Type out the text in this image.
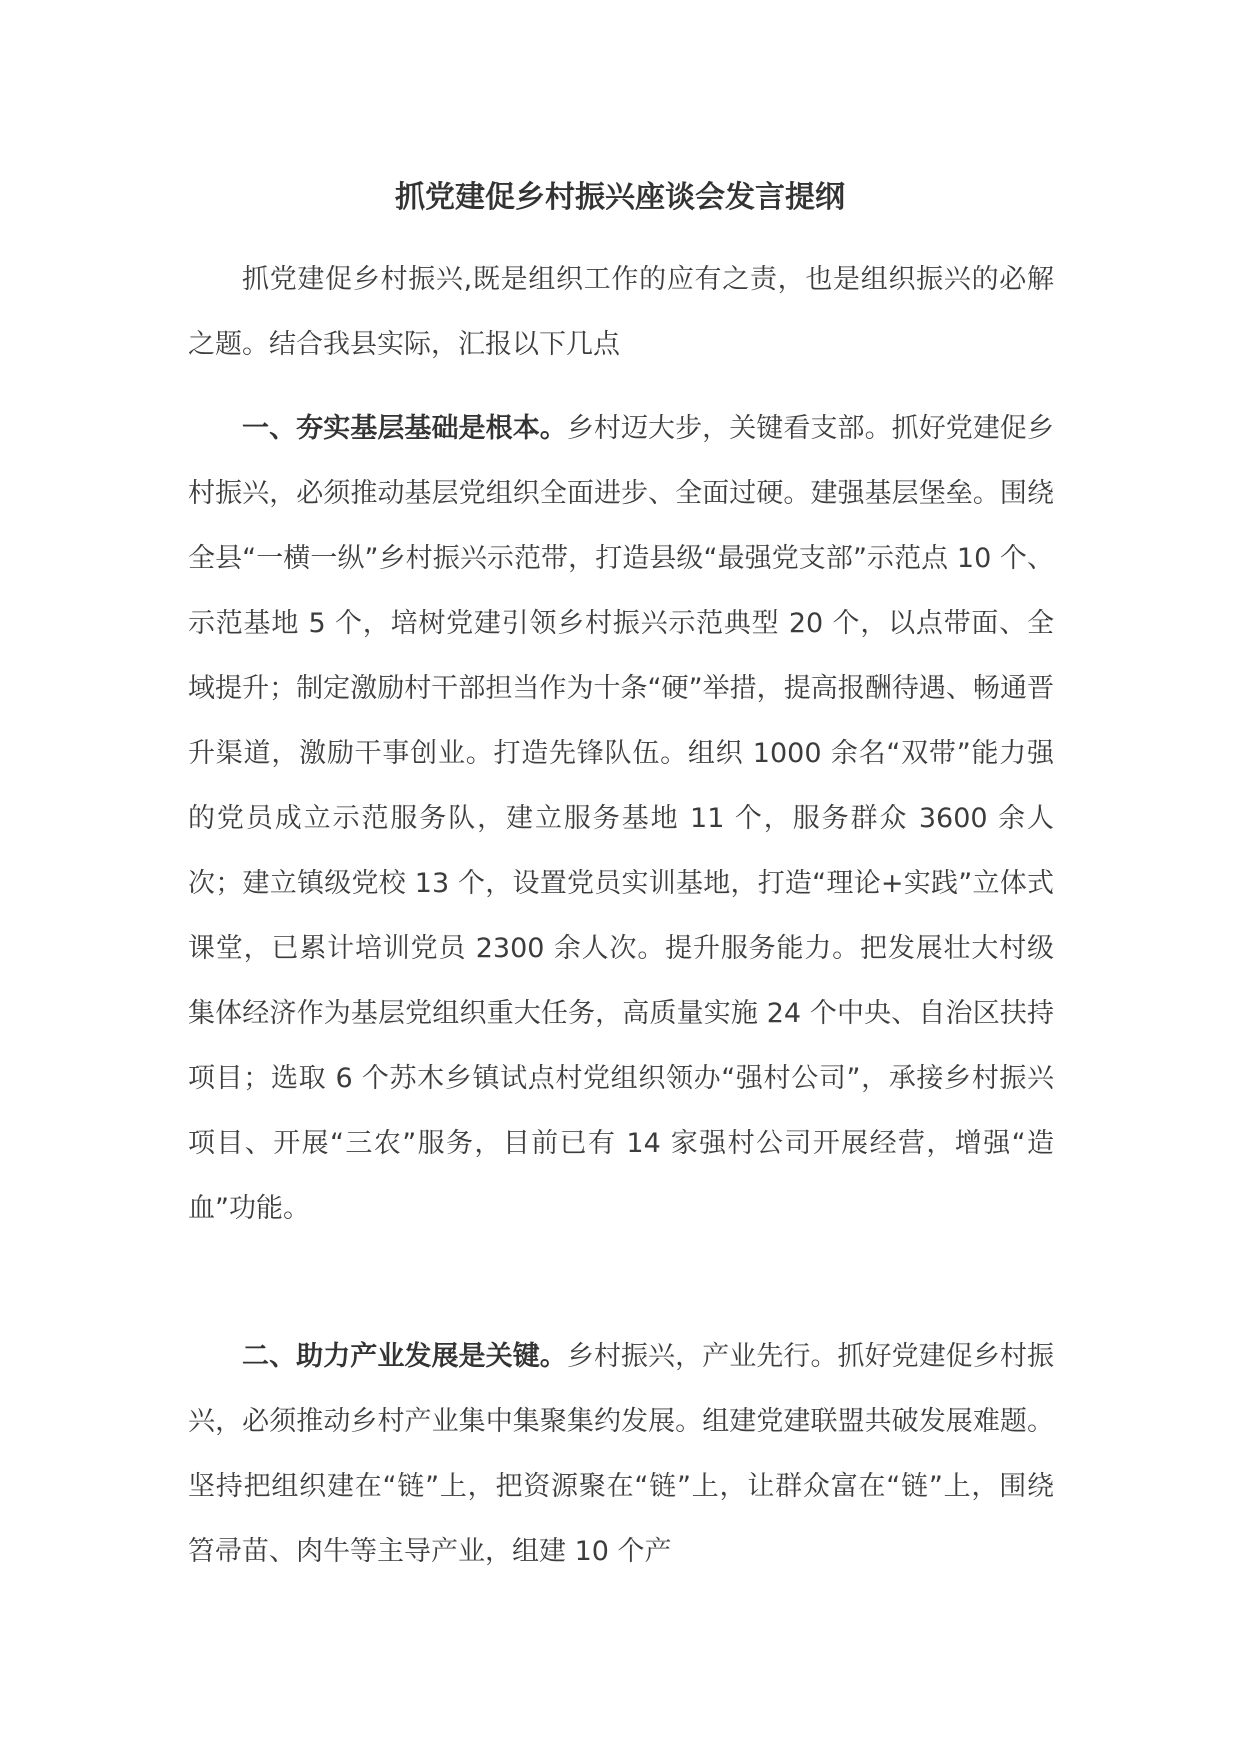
抓党建促乡村振兴座谈会发言提纲

抓党建促乡村振兴,既是组织工作的应有之责，也是组织振兴的必解之题。结合我县实际，汇报以下几点

一、夯实基层基础是根本。乡村迈大步，关键看支部。抓好党建促乡村振兴，必须推动基层党组织全面进步、全面过硬。建强基层堡垒。围绕全县“一横一纵”乡村振兴示范带，打造县级“最强党支部”示范点 10 个、示范基地 5 个，培树党建引领乡村振兴示范典型 20 个，以点带面、全域提升；制定激励村干部担当作为十条“硬”举措，提高报酬待遇、畅通晋升渠道，激励干事创业。打造先锋队伍。组织 1000 余名“双带”能力强的党员成立示范服务队，建立服务基地 11 个，服务群众 3600 余人次；建立镇级党校 13 个，设置党员实训基地，打造“理论+实践”立体式课堂，已累计培训党员 2300 余人次。提升服务能力。把发展壮大村级集体经济作为基层党组织重大任务，高质量实施 24 个中央、自治区扶持项目；选取 6 个苏木乡镇试点村党组织领办“强村公司”，承接乡村振兴项目、开展“三农”服务，目前已有 14 家强村公司开展经营，增强“造血”功能。

二、助力产业发展是关键。乡村振兴，产业先行。抓好党建促乡村振兴，必须推动乡村产业集中集聚集约发展。组建党建联盟共破发展难题。坚持把组织建在“链”上，把资源聚在“链”上，让群众富在“链”上，围绕笤帚苗、肉牛等主导产业，组建 10 个产
